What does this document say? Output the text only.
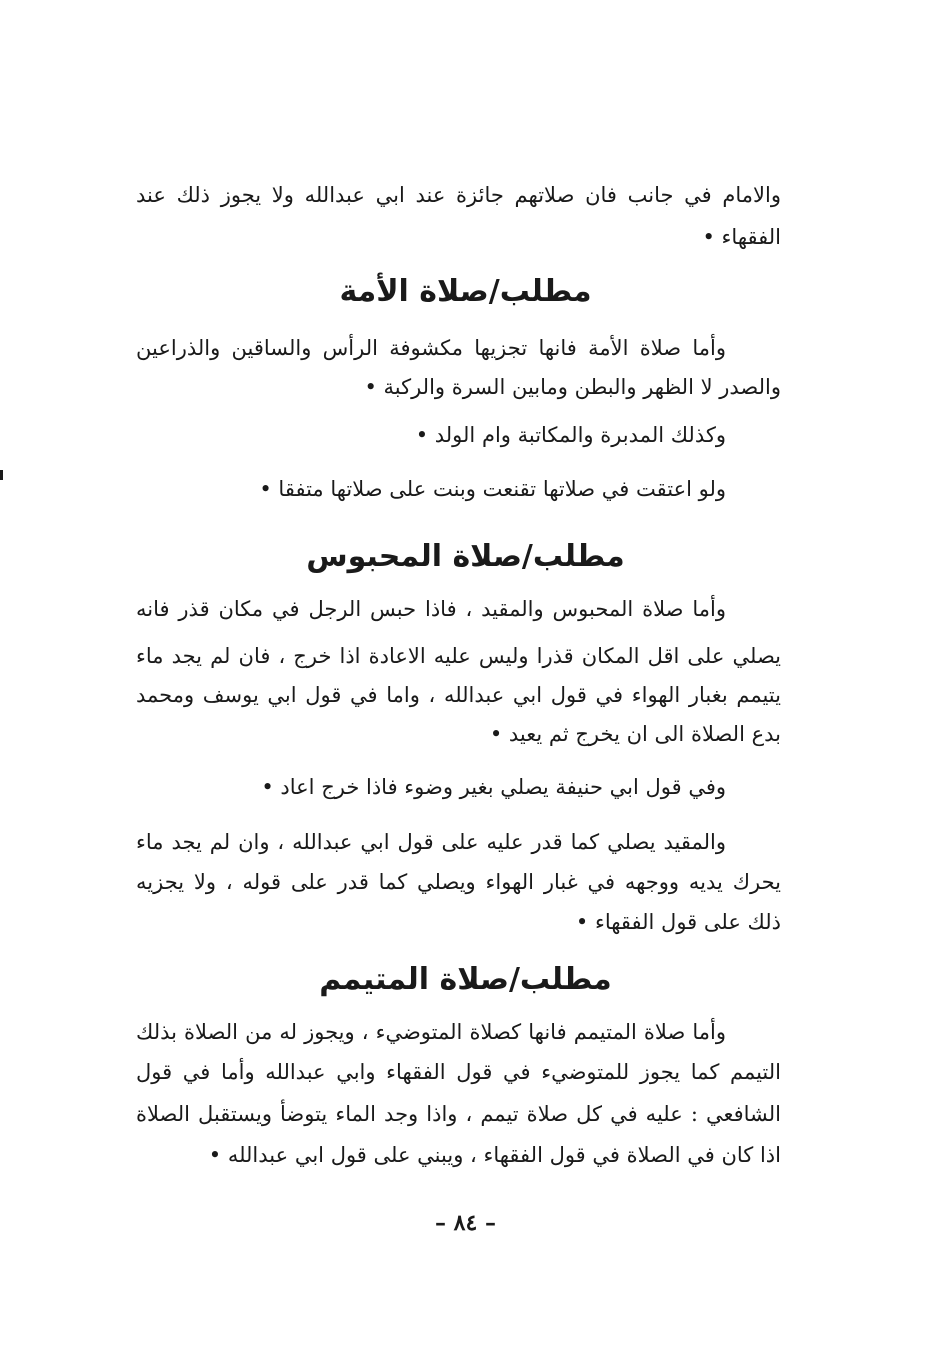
والامام في جانب فان صلاتهم جائزة عند ابي عبدالله ولا يجوز ذلك عند
الفقهاء •
مطلب/صلاة الأمة
وأما صلاة الأمة فانها تجزيها مكشوفة الرأس والساقين والذراعين
والصدر لا الظهر والبطن ومابين السرة والركبة •
وكذلك المدبرة والمكاتبة وام الولد •
ولو اعتقت في صلاتها تقنعت وبنت على صلاتها متفقا •
مطلب/صلاة المحبوس
وأما صلاة المحبوس والمقيد ، فاذا حبس الرجل في مكان قذر فانه
يصلي على اقل المكان قذرا وليس عليه الاعادة اذا خرج ، فان لم يجد ماء
يتيمم بغبار الهواء في قول ابي عبدالله ، واما في قول ابي يوسف ومحمد
بدع الصلاة الى ان يخرج ثم يعيد •
وفي قول ابي حنيفة يصلي بغير وضوء فاذا خرج اعاد •
والمقيد يصلي كما قدر عليه على قول ابي عبدالله ، وان لم يجد ماء
يحرك يديه ووجهه في غبار الهواء ويصلي كما قدر على قوله ، ولا يجزيه
ذلك على قول الفقهاء •
مطلب/صلاة المتيمم
وأما صلاة المتيمم فانها كصلاة المتوضيء ، ويجوز له من الصلاة بذلك
التيمم كما يجوز للمتوضيء في قول الفقهاء وابي عبدالله وأما في قول
الشافعي : عليه في كل صلاة تيمم ، واذا وجد الماء يتوضأ ويستقبل الصلاة
اذا كان في الصلاة في قول الفقهاء ، ويبني على قول ابي عبدالله •
– ٨٤ –
